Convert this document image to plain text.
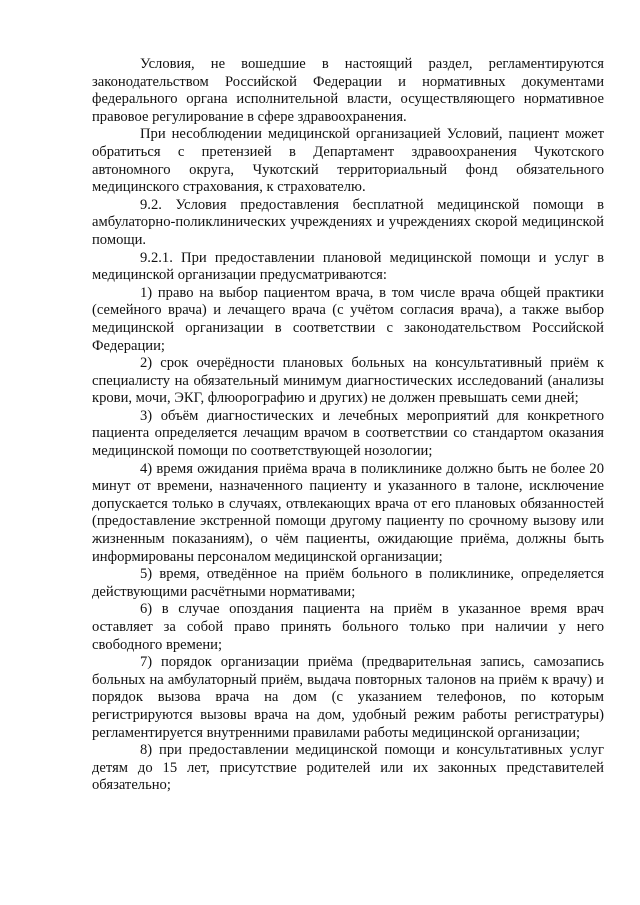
Условия, не вошедшие в настоящий раздел, регламентируются законодательством Российской Федерации и нормативных документами федерального органа исполнительной власти, осуществляющего нормативное правовое регулирование в сфере здравоохранения.

При несоблюдении медицинской организацией Условий, пациент может обратиться с претензией в Департамент здравоохранения Чукотского автономного округа, Чукотский территориальный фонд обязательного медицинского страхования, к страхователю.

9.2. Условия предоставления бесплатной медицинской помощи в амбулаторно-поликлинических учреждениях и учреждениях скорой медицинской помощи.

9.2.1. При предоставлении плановой медицинской помощи и услуг в медицинской организации предусматриваются:

1) право на выбор пациентом врача, в том числе врача общей практики (семейного врача) и лечащего врача (с учётом согласия врача), а также выбор медицинской организации в соответствии с законодательством Российской Федерации;

2) срок очерёдности плановых больных на консультативный приём к специалисту на обязательный минимум диагностических исследований (анализы крови, мочи, ЭКГ, флюорографию и других) не должен превышать семи дней;

3) объём диагностических и лечебных мероприятий для конкретного пациента определяется лечащим врачом в соответствии со стандартом оказания медицинской помощи по соответствующей нозологии;

4) время ожидания приёма врача в поликлинике должно быть не более 20 минут от времени, назначенного пациенту и указанного в талоне, исключение допускается только в случаях, отвлекающих врача от его плановых обязанностей (предоставление экстренной помощи другому пациенту по срочному вызову или жизненным показаниям), о чём пациенты, ожидающие приёма, должны быть информированы персоналом медицинской организации;

5) время, отведённое на приём больного в поликлинике, определяется действующими расчётными нормативами;

6) в случае опоздания пациента на приём в указанное время врач оставляет за собой право принять больного только при наличии у него свободного времени;

7) порядок организации приёма (предварительная запись, самозапись больных на амбулаторный приём, выдача повторных талонов на приём к врачу) и порядок вызова врача на дом (с указанием телефонов, по которым регистрируются вызовы врача на дом, удобный режим работы регистратуры) регламентируется внутренними правилами работы медицинской организации;

8) при предоставлении медицинской помощи и консультативных услуг детям до 15 лет, присутствие родителей или их законных представителей обязательно;
